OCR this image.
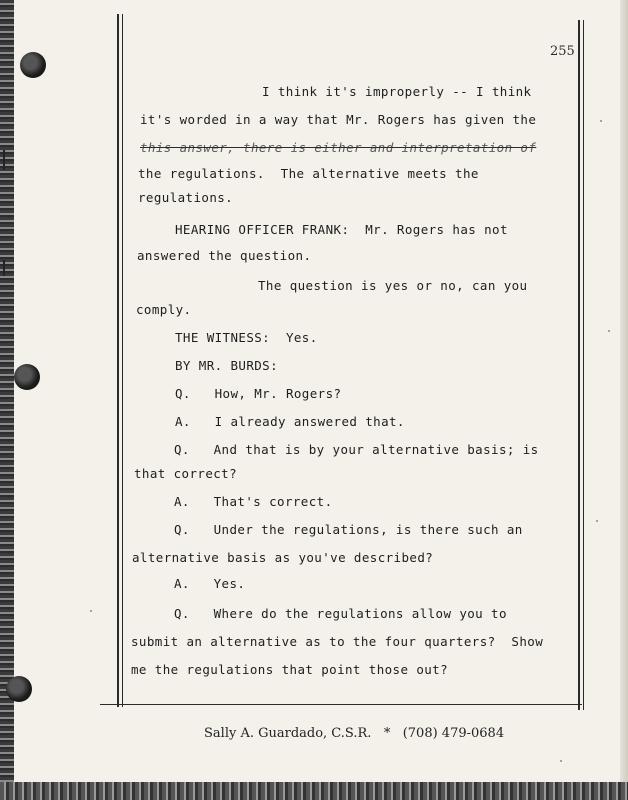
255
I think it's improperly -- I think
it's worded in a way that Mr. Rogers has given the
this answer, there is either and interpretation of
the regulations.  The alternative meets the
regulations.
HEARING OFFICER FRANK:  Mr. Rogers has not
answered the question.
The question is yes or no, can you
comply.
THE WITNESS:  Yes.
BY MR. BURDS:
Q.   How, Mr. Rogers?
A.   I already answered that.
Q.   And that is by your alternative basis; is
that correct?
A.   That's correct.
Q.   Under the regulations, is there such an
alternative basis as you've described?
A.   Yes.
Q.   Where do the regulations allow you to
submit an alternative as to the four quarters?  Show
me the regulations that point those out?
Sally A. Guardado, C.S.R.   *   (708) 479-0684
